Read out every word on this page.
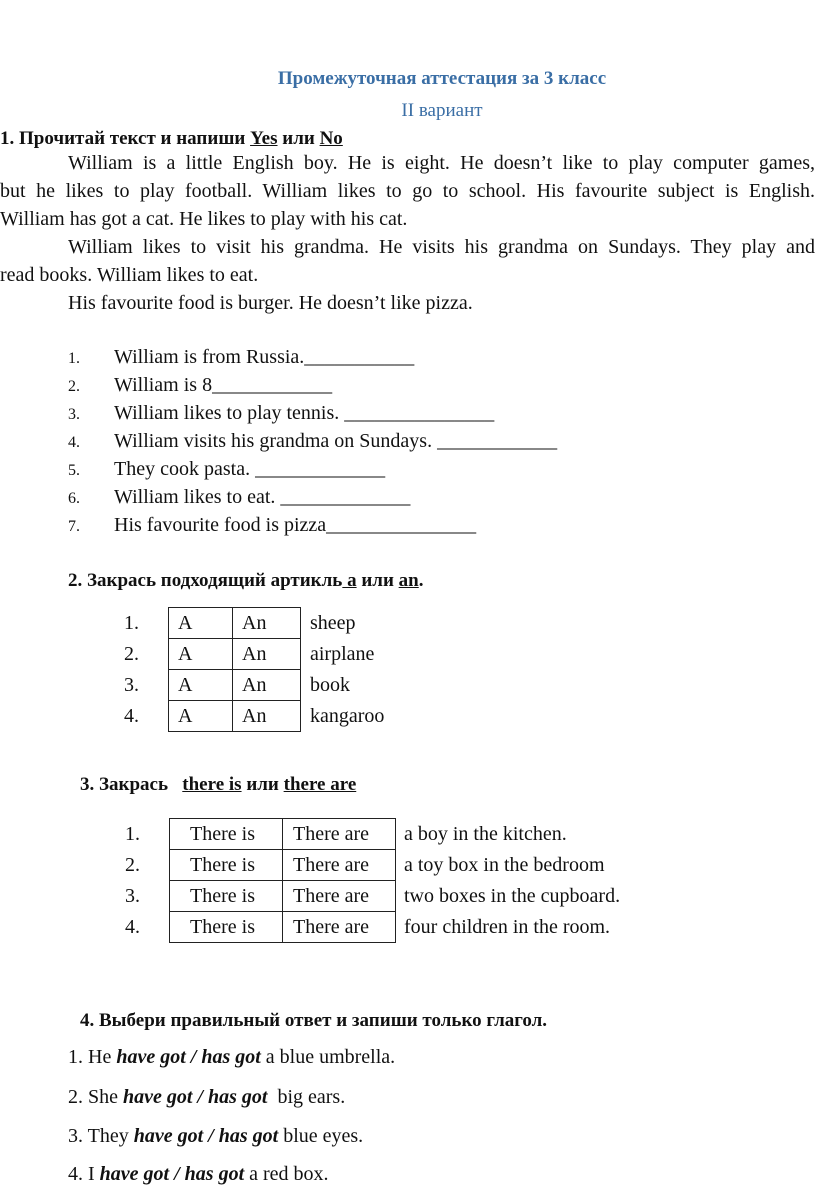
Промежуточная аттестация за 3 класс
II вариант
1. Прочитай текст и напиши Yes или No
William is a little English boy. He is eight. He doesn’t like to play computer games,
but he likes to play football. William likes to go to school. His favourite subject is English.
William has got a cat. He likes to play with his cat.
William likes to visit his grandma. He visits his grandma on Sundays. They play and
read books. William likes to eat.
His favourite food is burger. He doesn’t like pizza.
1. William is from Russia.___________
2. William is 8____________
3. William likes to play tennis. _______________
4. William visits his grandma on Sundays. ____________
5. They cook pasta. _____________
6. William likes to eat. _____________
7. His favourite food is pizza_______________
2. Закрась подходящий артикль a или an.
1.	A	An	sheep
2.	A	An	airplane
3.	A	An	book
4.	A	An	kangaroo
3. Закрась   there is или there are
1.	There is	There are	a boy in the kitchen.
2.	There is	There are	a toy box in the bedroom
3.	There is	There are	two boxes in the cupboard.
4.	There is	There are	four children in the room.
4. Выбери правильный ответ и запиши только глагол.
1. He have got / has got a blue umbrella.
2. She have got / has got  big ears.
3. They have got / has got blue eyes.
4. I have got / has got a red box.
